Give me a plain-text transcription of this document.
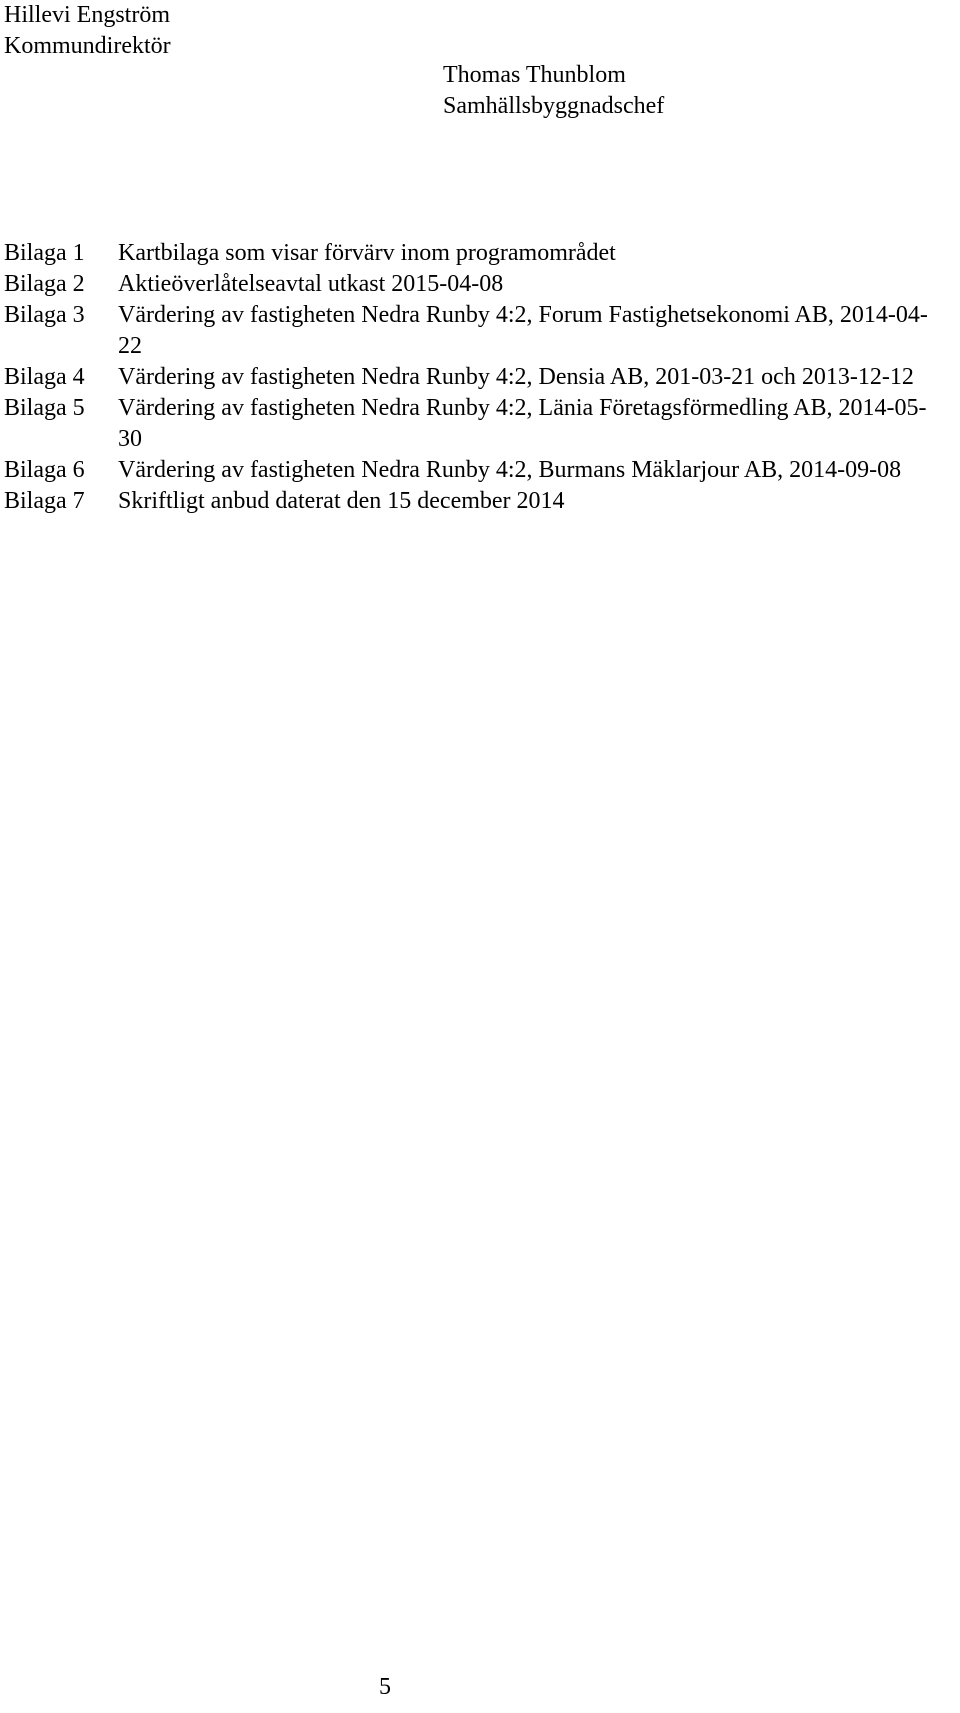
Hillevi Engström
Kommundirektör
Thomas Thunblom
Samhällsbyggnadschef
Bilaga 1	Kartbilaga som visar förvärv inom programområdet
Bilaga 2	Aktieöverlåtelseavtal utkast 2015-04-08
Bilaga 3	Värdering av fastigheten Nedra Runby 4:2, Forum Fastighetsekonomi AB, 2014-04-22
Bilaga 4	Värdering av fastigheten Nedra Runby 4:2, Densia AB, 201-03-21 och 2013-12-12
Bilaga 5	Värdering av fastigheten Nedra Runby 4:2, Länia Företagsförmedling AB, 2014-05-30
Bilaga 6	Värdering av fastigheten Nedra Runby 4:2, Burmans Mäklarjour AB, 2014-09-08
Bilaga 7	Skriftligt anbud daterat den 15 december 2014
5
